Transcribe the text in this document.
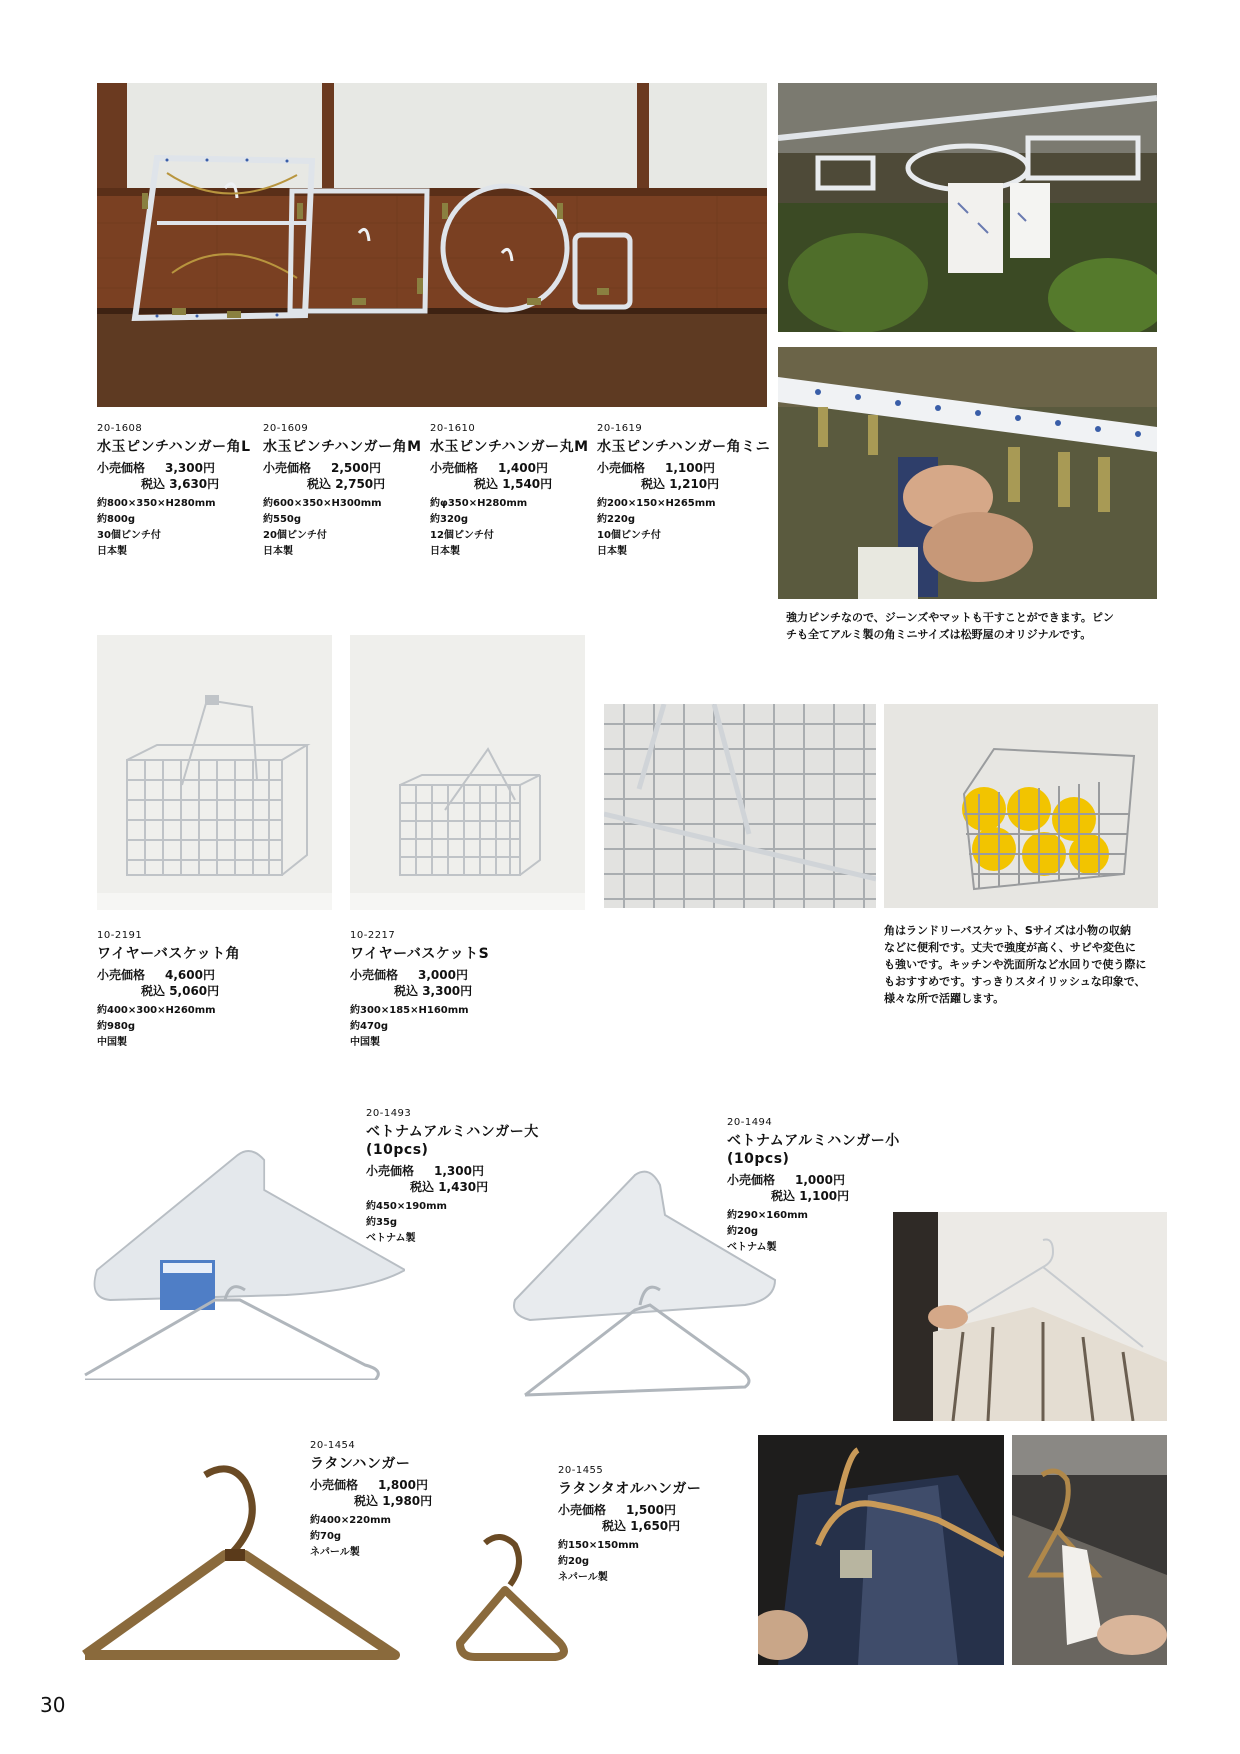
20-1608
水玉ピンチハンガー角L
小売価格 3,300円
税込 3,630円
約800×350×H280mm
約800g
30個ピンチ付
日本製
20-1609
水玉ピンチハンガー角M
小売価格 2,500円
税込 2,750円
約600×350×H300mm
約550g
20個ピンチ付
日本製
20-1610
水玉ピンチハンガー丸M
小売価格 1,400円
税込 1,540円
約φ350×H280mm
約320g
12個ピンチ付
日本製
20-1619
水玉ピンチハンガー角ミニ
小売価格 1,100円
税込 1,210円
約200×150×H265mm
約220g
10個ピンチ付
日本製
強力ピンチなので、ジーンズやマットも干すことができます。ピン
チも全てアルミ製の角ミニサイズは松野屋のオリジナルです。
10-2191
ワイヤーバスケット角
小売価格 4,600円
税込 5,060円
約400×300×H260mm
約980g
中国製
10-2217
ワイヤーバスケットS
小売価格 3,000円
税込 3,300円
約300×185×H160mm
約470g
中国製
角はランドリーバスケット、Sサイズは小物の収納
などに便利です。丈夫で強度が高く、サビや変色に
も強いです。キッチンや洗面所など水回りで使う際に
もおすすめです。すっきりスタイリッシュな印象で、
様々な所で活躍します。
20-1493
ベトナムアルミハンガー大
(10pcs)
小売価格 1,300円
税込 1,430円
約450×190mm
約35g
ベトナム製
20-1494
ベトナムアルミハンガー小
(10pcs)
小売価格 1,000円
税込 1,100円
約290×160mm
約20g
ベトナム製
20-1454
ラタンハンガー
小売価格 1,800円
税込 1,980円
約400×220mm
約70g
ネパール製
20-1455
ラタンタオルハンガー
小売価格 1,500円
税込 1,650円
約150×150mm
約20g
ネパール製
30
